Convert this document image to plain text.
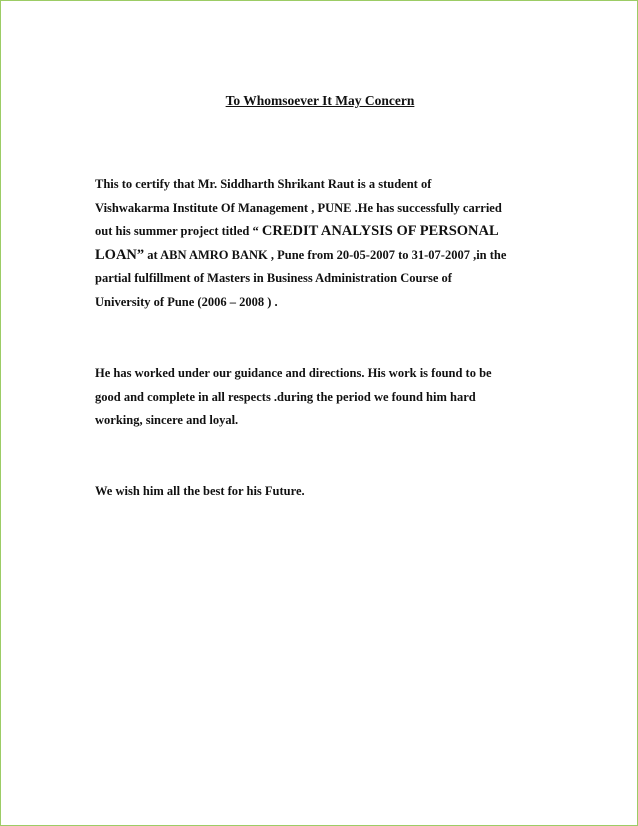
To Whomsoever It May Concern

This to certify that Mr. Siddharth Shrikant Raut is a student of
Vishwakarma Institute Of Management , PUNE .He has successfully carried
out his summer project titled “ CREDIT ANALYSIS OF PERSONAL
LOAN” at ABN AMRO BANK , Pune from 20-05-2007 to 31-07-2007 ,in the
partial fulfillment of Masters in Business Administration Course of
University of Pune (2006 – 2008 ) .

He has worked under our guidance and directions. His work is found to be
good and complete in all respects .during the period we found him hard
working, sincere and loyal.

We wish him all the best for his Future.
